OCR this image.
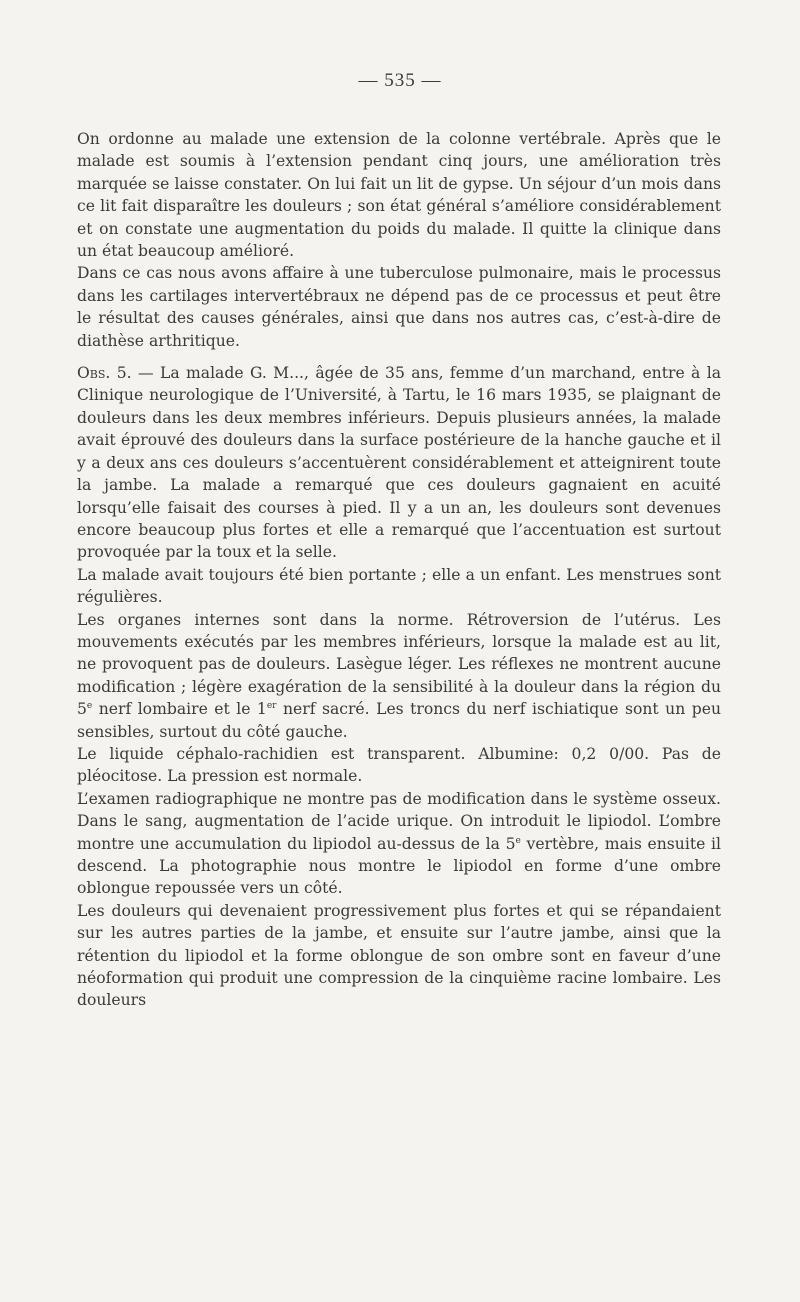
— 535 —

On ordonne au malade une extension de la colonne vertébrale. Après que le malade est soumis à l’extension pendant cinq jours, une amélioration très marquée se laisse constater. On lui fait un lit de gypse. Un séjour d’un mois dans ce lit fait disparaître les douleurs ; son état général s’améliore considérablement et on constate une augmentation du poids du malade. Il quitte la clinique dans un état beaucoup amélioré.

Dans ce cas nous avons affaire à une tuberculose pulmonaire, mais le processus dans les cartilages intervertébraux ne dépend pas de ce processus et peut être le résultat des causes générales, ainsi que dans nos autres cas, c’est-à-dire de diathèse arthritique.

Obs. 5. — La malade G. M..., âgée de 35 ans, femme d’un marchand, entre à la Clinique neurologique de l’Université, à Tartu, le 16 mars 1935, se plaignant de douleurs dans les deux membres inférieurs. Depuis plusieurs années, la malade avait éprouvé des douleurs dans la surface postérieure de la hanche gauche et il y a deux ans ces douleurs s’accentuèrent considérablement et atteignirent toute la jambe. La malade a remarqué que ces douleurs gagnaient en acuité lorsqu’elle faisait des courses à pied. Il y a un an, les douleurs sont devenues encore beaucoup plus fortes et elle a remarqué que l’accentuation est surtout provoquée par la toux et la selle.

La malade avait toujours été bien portante ; elle a un enfant. Les menstrues sont régulières.

Les organes internes sont dans la norme. Rétroversion de l’utérus. Les mouvements exécutés par les membres inférieurs, lorsque la malade est au lit, ne provoquent pas de douleurs. Lasègue léger. Les réflexes ne montrent aucune modification ; légère exagération de la sensibilité à la douleur dans la région du 5e nerf lombaire et le 1er nerf sacré. Les troncs du nerf ischiatique sont un peu sensibles, surtout du côté gauche.

Le liquide céphalo-rachidien est transparent. Albumine: 0,2 0/00. Pas de pléocitose. La pression est normale.

L’examen radiographique ne montre pas de modification dans le système osseux. Dans le sang, augmentation de l’acide urique. On introduit le lipiodol. L’ombre montre une accumulation du lipiodol au-dessus de la 5e vertèbre, mais ensuite il descend. La photographie nous montre le lipiodol en forme d’une ombre oblongue repoussée vers un côté.

Les douleurs qui devenaient progressivement plus fortes et qui se répandaient sur les autres parties de la jambe, et ensuite sur l’autre jambe, ainsi que la rétention du lipiodol et la forme oblongue de son ombre sont en faveur d’une néoformation qui produit une compression de la cinquième racine lombaire. Les douleurs
